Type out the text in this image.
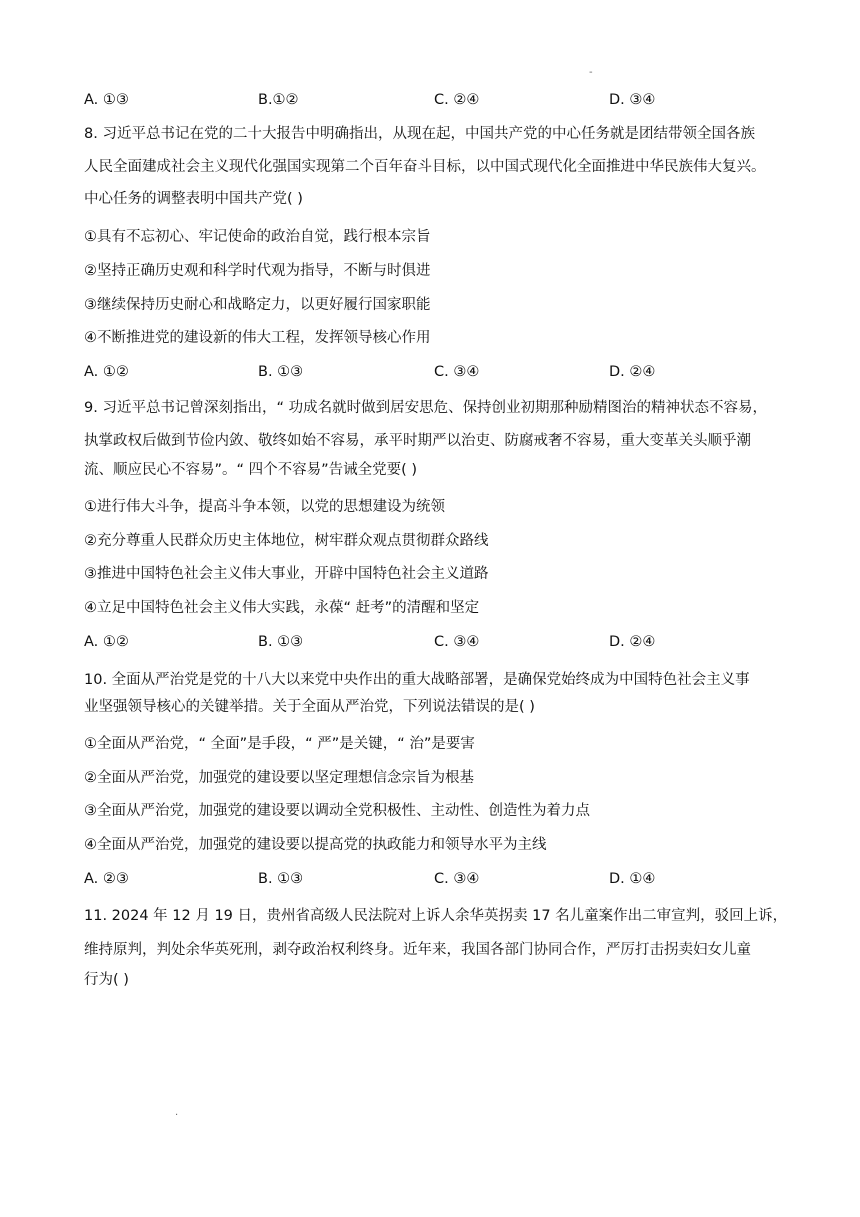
-
A. ①③	B.①②	C. ②④	D. ③④
8. 习近平总书记在党的二十大报告中明确指出，从现在起，中国共产党的中心任务就是团结带领全国各族
人民全面建成社会主义现代化强国实现第二个百年奋斗目标，以中国式现代化全面推进中华民族伟大复兴。
中心任务的调整表明中国共产党( )
①具有不忘初心、牢记使命的政治自觉，践行根本宗旨
②坚持正确历史观和科学时代观为指导，不断与时俱进
③继续保持历史耐心和战略定力，以更好履行国家职能
④不断推进党的建设新的伟大工程，发挥领导核心作用
A. ①②	B. ①③	C. ③④	D. ②④
9. 习近平总书记曾深刻指出，“ 功成名就时做到居安思危、保持创业初期那种励精图治的精神状态不容易，
执掌政权后做到节俭内敛、敬终如始不容易，承平时期严以治吏、防腐戒奢不容易，重大变革关头顺乎潮
流、顺应民心不容易”。“ 四个不容易”告诫全党要( )
①进行伟大斗争，提高斗争本领，以党的思想建设为统领
②充分尊重人民群众历史主体地位，树牢群众观点贯彻群众路线
③推进中国特色社会主义伟大事业，开辟中国特色社会主义道路
④立足中国特色社会主义伟大实践，永葆“ 赶考”的清醒和坚定
A. ①②	B. ①③	C. ③④	D. ②④
10. 全面从严治党是党的十八大以来党中央作出的重大战略部署，是确保党始终成为中国特色社会主义事
业坚强领导核心的关键举措。关于全面从严治党，下列说法错误的是( )
①全面从严治党，“ 全面”是手段，“ 严”是关键，“ 治”是要害
②全面从严治党，加强党的建设要以坚定理想信念宗旨为根基
③全面从严治党，加强党的建设要以调动全党积极性、主动性、创造性为着力点
④全面从严治党，加强党的建设要以提高党的执政能力和领导水平为主线
A. ②③	B. ①③	C. ③④	D. ①④
11. 2024 年 12 月 19 日，贵州省高级人民法院对上诉人余华英拐卖 17 名儿童案作出二审宣判，驳回上诉，
维持原判，判处余华英死刑，剥夺政治权利终身。近年来，我国各部门协同合作，严厉打击拐卖妇女儿童
行为( )
.
